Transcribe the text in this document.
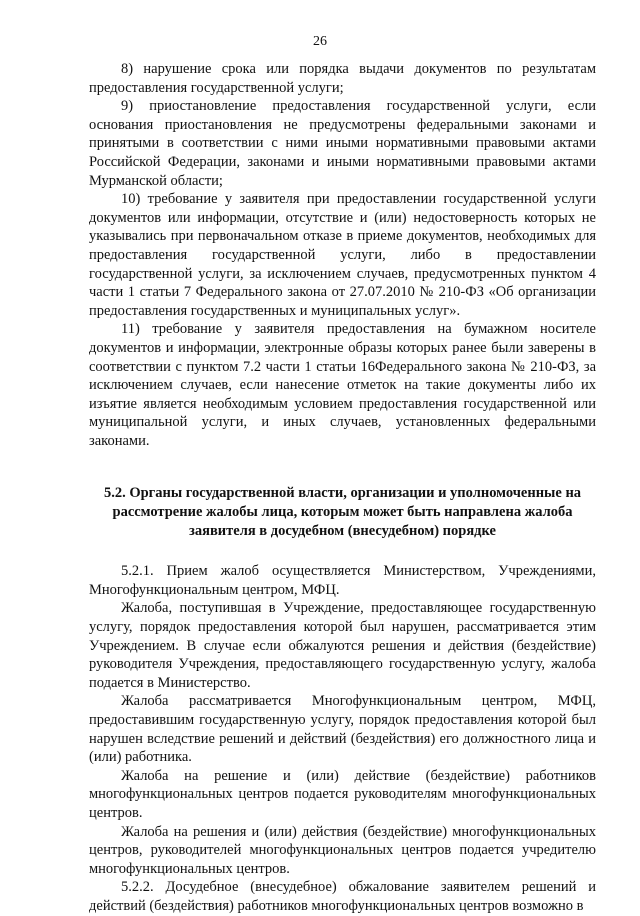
26

8) нарушение срока или порядка выдачи документов по результатам предоставления государственной услуги;

9) приостановление предоставления государственной услуги, если основания приостановления не предусмотрены федеральными законами и принятыми в соответствии с ними иными нормативными правовыми актами Российской Федерации, законами и иными нормативными правовыми актами Мурманской области;

10) требование у заявителя при предоставлении государственной услуги документов или информации, отсутствие и (или) недостоверность которых не указывались при первоначальном отказе в приеме документов, необходимых для предоставления государственной услуги, либо в предоставлении государственной услуги, за исключением случаев, предусмотренных пунктом 4 части 1 статьи 7 Федерального закона от 27.07.2010 № 210-ФЗ «Об организации предоставления государственных и муниципальных услуг».

11) требование у заявителя предоставления на бумажном носителе документов и информации, электронные образы которых ранее были заверены в соответствии с пунктом 7.2 части 1 статьи 16Федерального закона № 210-ФЗ, за исключением случаев, если нанесение отметок на такие документы либо их изъятие является необходимым условием предоставления государственной или муниципальной услуги, и иных случаев, установленных федеральными законами.

5.2. Органы государственной власти, организации и уполномоченные на
рассмотрение жалобы лица, которым может быть направлена жалоба
заявителя в досудебном (внесудебном) порядке

5.2.1. Прием жалоб осуществляется Министерством, Учреждениями, Многофункциональным центром, МФЦ.

Жалоба, поступившая в Учреждение, предоставляющее государственную услугу, порядок предоставления которой был нарушен, рассматривается этим Учреждением. В случае если обжалуются решения и действия (бездействие) руководителя Учреждения, предоставляющего государственную услугу, жалоба подается в Министерство.

Жалоба рассматривается Многофункциональным центром, МФЦ, предоставившим государственную услугу, порядок предоставления которой был нарушен вследствие решений и действий (бездействия) его должностного лица и (или) работника.

Жалоба на решение и (или) действие (бездействие) работников многофункциональных центров подается руководителям многофункциональных центров.

Жалоба на решения и (или) действия (бездействие) многофункциональных центров, руководителей многофункциональных центров подается учредителю многофункциональных центров.

5.2.2. Досудебное (внесудебное) обжалование заявителем решений и действий (бездействия) работников многофункциональных центров возможно в
